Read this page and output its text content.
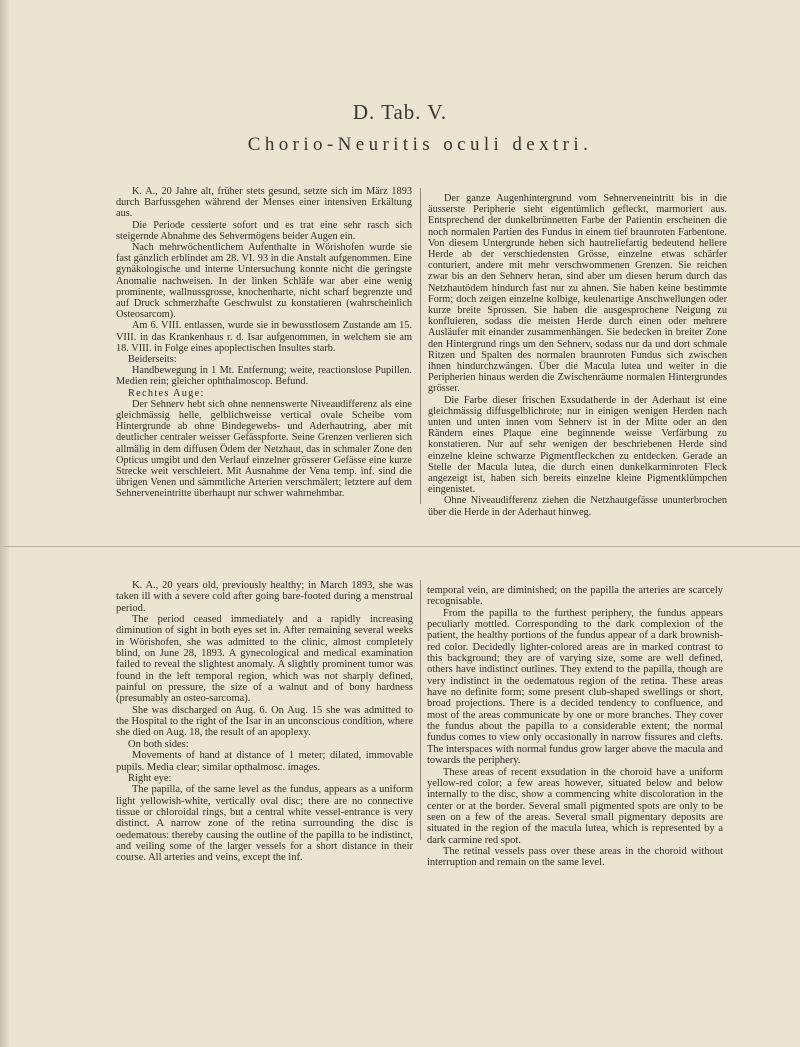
D. Tab. V.
Chorio-Neuritis oculi dextri.

K. A., 20 Jahre alt, früher stets gesund, setzte sich im März 1893 durch Barfussgehen während der Menses einer intensiven Erkältung aus.

Die Periode cessierte sofort und es trat eine sehr rasch sich steigernde Abnahme des Sehvermögens beider Augen ein.

Nach mehrwöchentlichem Aufenthalte in Wörishofen wurde sie fast gänzlich erblindet am 28. VI. 93 in die Anstalt aufgenommen. Eine gynäkologische und interne Untersuchung konnte nicht die geringste Anomalie nachweisen. In der linken Schläfe war aber eine wenig prominente, wallnussgrosse, knochenharte, nicht scharf begrenzte und auf Druck schmerzhafte Geschwulst zu konstatieren (wahrscheinlich Osteosarcom).

Am 6. VIII. entlassen, wurde sie in bewusstlosem Zustande am 15. VIII. in das Krankenhaus r. d. Isar aufgenommen, in welchem sie am 18. VIII. in Folge eines apoplectischen Insultes starb.

Beiderseits:

Handbewegung in 1 Mt. Entfernung; weite, reactionslose Pupillen. Medien rein; gleicher ophthalmoscop. Befund.

Rechtes Auge:

Der Sehnerv hebt sich ohne nennenswerte Niveaudifferenz als eine gleichmässig helle, gelblichweisse vertical ovale Scheibe vom Hintergrunde ab ohne Bindegewebs- und Aderhautring, aber mit deutlicher centraler weisser Gefässpforte. Seine Grenzen verlieren sich allmälig in dem diffusen Ödem der Netzhaut, das in schmaler Zone den Opticus umgibt und den Verlauf einzelner grösserer Gefässe eine kurze Strecke weit verschleiert. Mit Ausnahme der Vena temp. inf. sind die übrigen Venen und sämmtliche Arterien verschmälert; letztere auf dem Sehnerveneintritte überhaupt nur schwer wahrnehmbar.

Der ganze Augenhintergrund vom Sehnerveneintritt bis in die äusserste Peripherie sieht eigentümlich gefleckt, marmoriert aus. Entsprechend der dunkelbrünnetten Farbe der Patientin erscheinen die noch normalen Partien des Fundus in einem tief braunroten Farbentone. Von diesem Untergrunde heben sich hautreliefartig bedeutend hellere Herde ab der verschiedensten Grösse, einzelne etwas schärfer conturiert, andere mit mehr verschwommenen Grenzen. Sie reichen zwar bis an den Sehnerv heran, sind aber um diesen herum durch das Netzhautödem hindurch fast nur zu ahnen. Sie haben keine bestimmte Form; doch zeigen einzelne kolbige, keulenartige Anschwellungen oder kurze breite Sprossen. Sie haben die ausgesprochene Neigung zu konfluieren, sodass die meisten Herde durch einen oder mehrere Ausläufer mit einander zusammenhängen. Sie bedecken in breiter Zone den Hintergrund rings um den Sehnerv, sodass nur da und dort schmale Ritzen und Spalten des normalen braunroten Fundus sich zwischen ihnen hindurchzwängen. Über die Macula lutea und weiter in die Peripherien hinaus werden die Zwischenräume normalen Hintergrundes grösser.

Die Farbe dieser frischen Exsudatherde in der Aderhaut ist eine gleichmässig diffusgelblichrote; nur in einigen wenigen Herden nach unten und unten innen vom Sehnerv ist in der Mitte oder an den Rändern eines Plaque eine beginnende weisse Verfärbung zu konstatieren. Nur auf sehr wenigen der beschriebenen Herde sind einzelne kleine schwarze Pigmentfleckchen zu entdecken. Gerade an Stelle der Macula lutea, die durch einen dunkelkarminroten Fleck angezeigt ist, haben sich bereits einzelne kleine Pigmentklümpchen eingenistet.

Ohne Niveaudifferenz ziehen die Netzhautgefässe ununterbrochen über die Herde in der Aderhaut hinweg.

K. A., 20 years old, previously healthy; in March 1893, she was taken ill with a severe cold after going bare-footed during a menstrual period.

The period ceased immediately and a rapidly increasing diminution of sight in both eyes set in. After remaining several weeks in Wörishofen, she was admitted to the clinic, almost completely blind, on June 28, 1893. A gynecological and medical examination failed to reveal the slightest anomaly. A slightly prominent tumor was found in the left temporal region, which was not sharply defined, painful on pressure, the size of a walnut and of bony hardness (presumably an osteo-sarcoma).

She was discharged on Aug. 6. On Aug. 15 she was admitted to the Hospital to the right of the Isar in an unconscious condition, where she died on Aug. 18, the result of an apoplexy.

On both sides:

Movements of hand at distance of 1 meter; dilated, immovable pupils. Media clear; similar opthalmosc. images.

Right eye:

The papilla, of the same level as the fundus, appears as a uniform light yellowish-white, vertically oval disc; there are no connective tissue or chloroidal rings, but a central white vessel-entrance is very distinct. A narrow zone of the retina surrounding the disc is oedematous: thereby causing the outline of the papilla to be indistinct, and veiling some of the larger vessels for a short distance in their course. All arteries and veins, except the inf.

temporal vein, are diminished; on the papilla the arteries are scarcely recognisable.

From the papilla to the furthest periphery, the fundus appears peculiarly mottled. Corresponding to the dark complexion of the patient, the healthy portions of the fundus appear of a dark brownish-red color. Decidedly lighter-colored areas are in marked contrast to this background; they are of varying size, some are well defined, others have indistinct outlines. They extend to the papilla, though are very indistinct in the oedematous region of the retina. These areas have no definite form; some present club-shaped swellings or short, broad projections. There is a decided tendency to confluence, and most of the areas communicate by one or more branches. They cover the fundus about the papilla to a considerable extent; the normal fundus comes to view only occasionally in narrow fissures and clefts. The interspaces with normal fundus grow larger above the macula and towards the periphery.

These areas of recent exsudation in the choroid have a uniform yellow-red color; a few areas however, situated below and below internally to the disc, show a commencing white discoloration in the center or at the border. Several small pigmented spots are only to be seen on a few of the areas. Several small pigmentary deposits are situated in the region of the macula lutea, which is represented by a dark carmine red spot.

The retinal vessels pass over these areas in the choroid without interruption and remain on the same level.
